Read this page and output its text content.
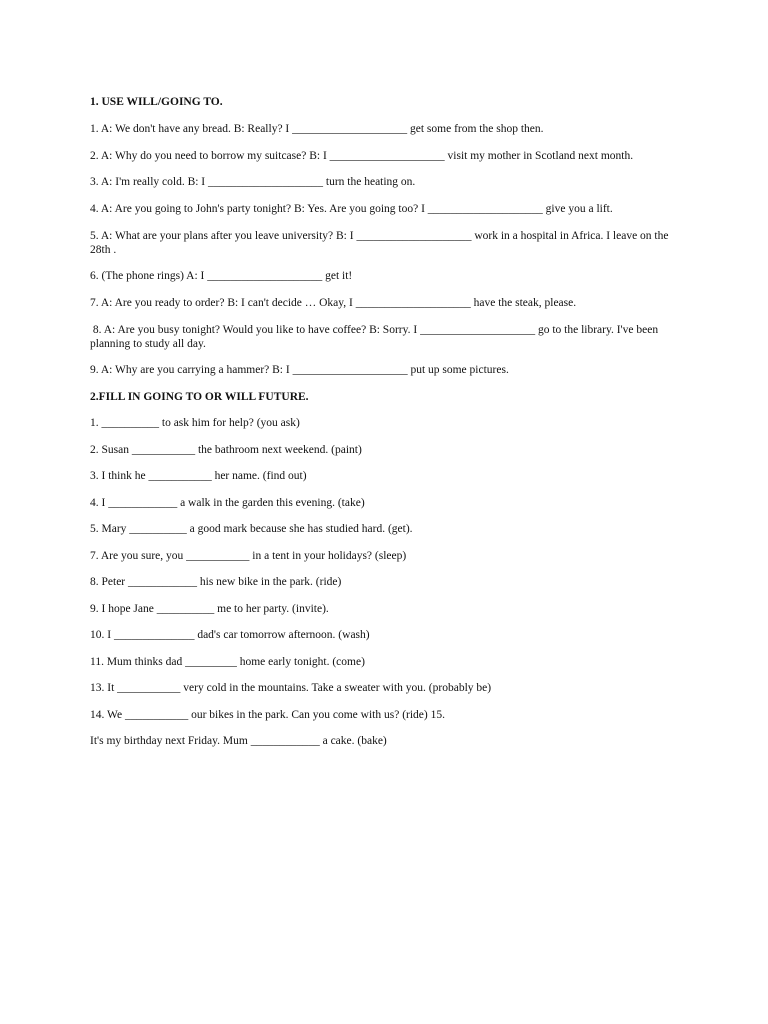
1. USE WILL/GOING TO.

1. A: We don't have any bread. B: Really? I ____________________ get some from the shop then.

2. A: Why do you need to borrow my suitcase? B: I ____________________ visit my mother in Scotland next month.

3. A: I'm really cold. B: I ____________________ turn the heating on.

4. A: Are you going to John's party tonight? B: Yes. Are you going too? I ____________________ give you a lift.

5. A: What are your plans after you leave university? B: I ____________________ work in a hospital in Africa. I leave on the 28th .

6. (The phone rings) A: I ____________________ get it!

7. A: Are you ready to order? B: I can't decide … Okay, I ____________________ have the steak, please.

8. A: Are you busy tonight? Would you like to have coffee? B: Sorry. I ____________________ go to the library. I've been planning to study all day.

9. A: Why are you carrying a hammer? B: I ____________________ put up some pictures.

2.FILL IN GOING TO OR WILL FUTURE.

1. __________ to ask him for help? (you ask)

2. Susan ___________ the bathroom next weekend. (paint)

3. I think he ___________ her name. (find out)

4. I ____________ a walk in the garden this evening. (take)

5. Mary __________ a good mark because she has studied hard. (get).

7. Are you sure, you ___________ in a tent in your holidays? (sleep)

8. Peter ____________ his new bike in the park. (ride)

9. I hope Jane __________ me to her party. (invite).

10. I ______________ dad's car tomorrow afternoon. (wash)

11. Mum thinks dad _________ home early tonight. (come)

13. It ___________ very cold in the mountains. Take a sweater with you. (probably be)

14. We ___________ our bikes in the park. Can you come with us? (ride) 15.

It's my birthday next Friday. Mum ____________ a cake. (bake)
